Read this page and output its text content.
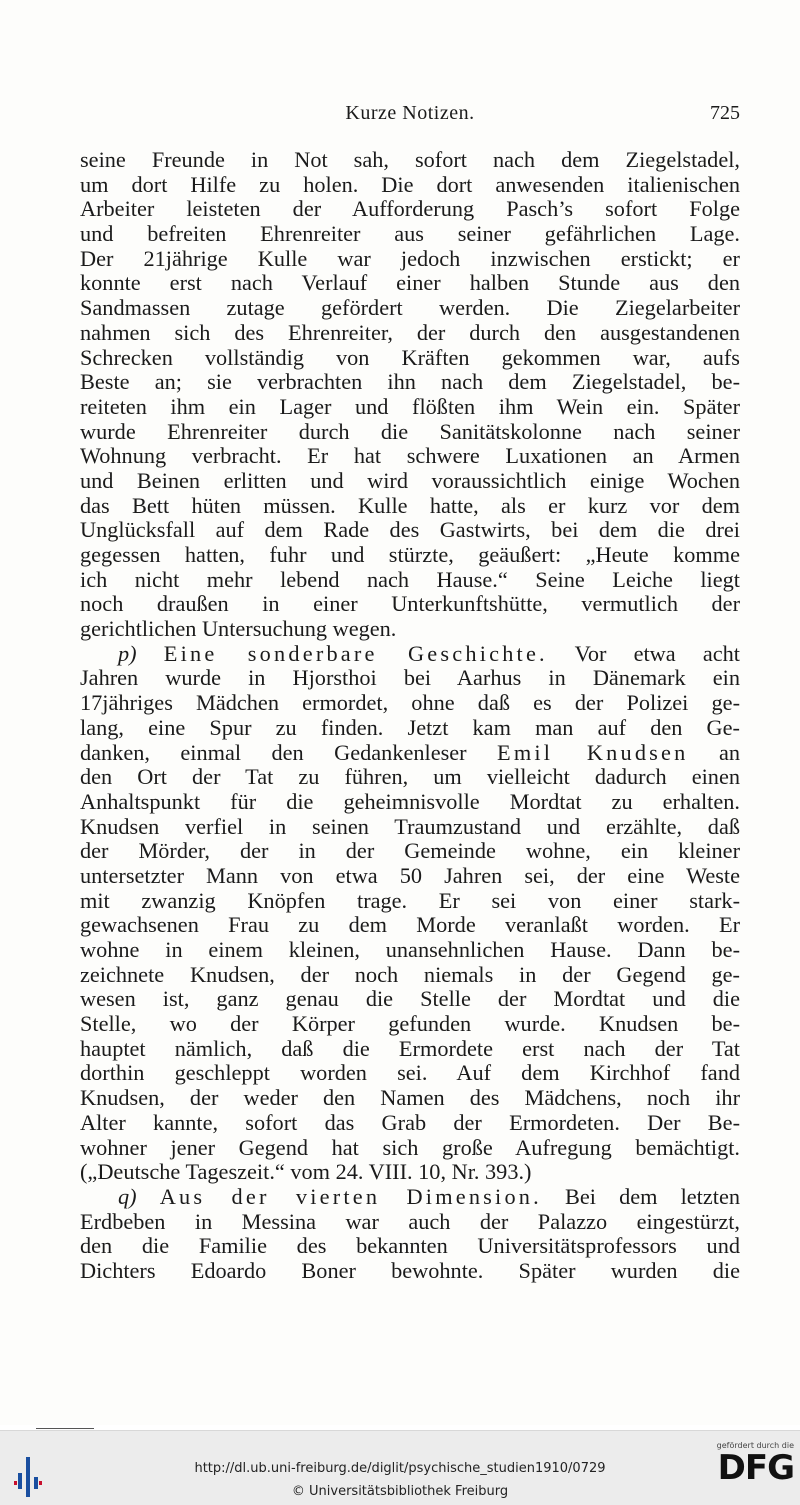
Kurze Notizen.	725
seine Freunde in Not sah, sofort nach dem Ziegelstadel,
um dort Hilfe zu holen. Die dort anwesenden italienischen
Arbeiter leisteten der Aufforderung Pasch’s sofort Folge
und befreiten Ehrenreiter aus seiner gefährlichen Lage.
Der 21jährige Kulle war jedoch inzwischen erstickt; er
konnte erst nach Verlauf einer halben Stunde aus den
Sandmassen zutage gefördert werden. Die Ziegelarbeiter
nahmen sich des Ehrenreiter, der durch den ausgestandenen
Schrecken vollständig von Kräften gekommen war, aufs
Beste an; sie verbrachten ihn nach dem Ziegelstadel, be-
reiteten ihm ein Lager und flößten ihm Wein ein. Später
wurde Ehrenreiter durch die Sanitätskolonne nach seiner
Wohnung verbracht. Er hat schwere Luxationen an Armen
und Beinen erlitten und wird voraussichtlich einige Wochen
das Bett hüten müssen. Kulle hatte, als er kurz vor dem
Unglücksfall auf dem Rade des Gastwirts, bei dem die drei
gegessen hatten, fuhr und stürzte, geäußert: „Heute komme
ich nicht mehr lebend nach Hause.“ Seine Leiche liegt
noch draußen in einer Unterkunftshütte, vermutlich der
gerichtlichen Untersuchung wegen.
p) Eine sonderbare Geschichte. Vor etwa acht
Jahren wurde in Hjorsthoi bei Aarhus in Dänemark ein
17jähriges Mädchen ermordet, ohne daß es der Polizei ge-
lang, eine Spur zu finden. Jetzt kam man auf den Ge-
danken, einmal den Gedankenleser Emil Knudsen an
den Ort der Tat zu führen, um vielleicht dadurch einen
Anhaltspunkt für die geheimnisvolle Mordtat zu erhalten.
Knudsen verfiel in seinen Traumzustand und erzählte, daß
der Mörder, der in der Gemeinde wohne, ein kleiner
untersetzter Mann von etwa 50 Jahren sei, der eine Weste
mit zwanzig Knöpfen trage. Er sei von einer stark-
gewachsenen Frau zu dem Morde veranlaßt worden. Er
wohne in einem kleinen, unansehnlichen Hause. Dann be-
zeichnete Knudsen, der noch niemals in der Gegend ge-
wesen ist, ganz genau die Stelle der Mordtat und die
Stelle, wo der Körper gefunden wurde. Knudsen be-
hauptet nämlich, daß die Ermordete erst nach der Tat
dorthin geschleppt worden sei. Auf dem Kirchhof fand
Knudsen, der weder den Namen des Mädchens, noch ihr
Alter kannte, sofort das Grab der Ermordeten. Der Be-
wohner jener Gegend hat sich große Aufregung bemächtigt.
(„Deutsche Tageszeit.“ vom 24. VIII. 10, Nr. 393.)
q) Aus der vierten Dimension. Bei dem letzten
Erdbeben in Messina war auch der Palazzo eingestürzt,
den die Familie des bekannten Universitätsprofessors und
Dichters Edoardo Boner bewohnte. Später wurden die
http://dl.ub.uni-freiburg.de/diglit/psychische_studien1910/0729
© Universitätsbibliothek Freiburg
gefördert durch die
DFG
